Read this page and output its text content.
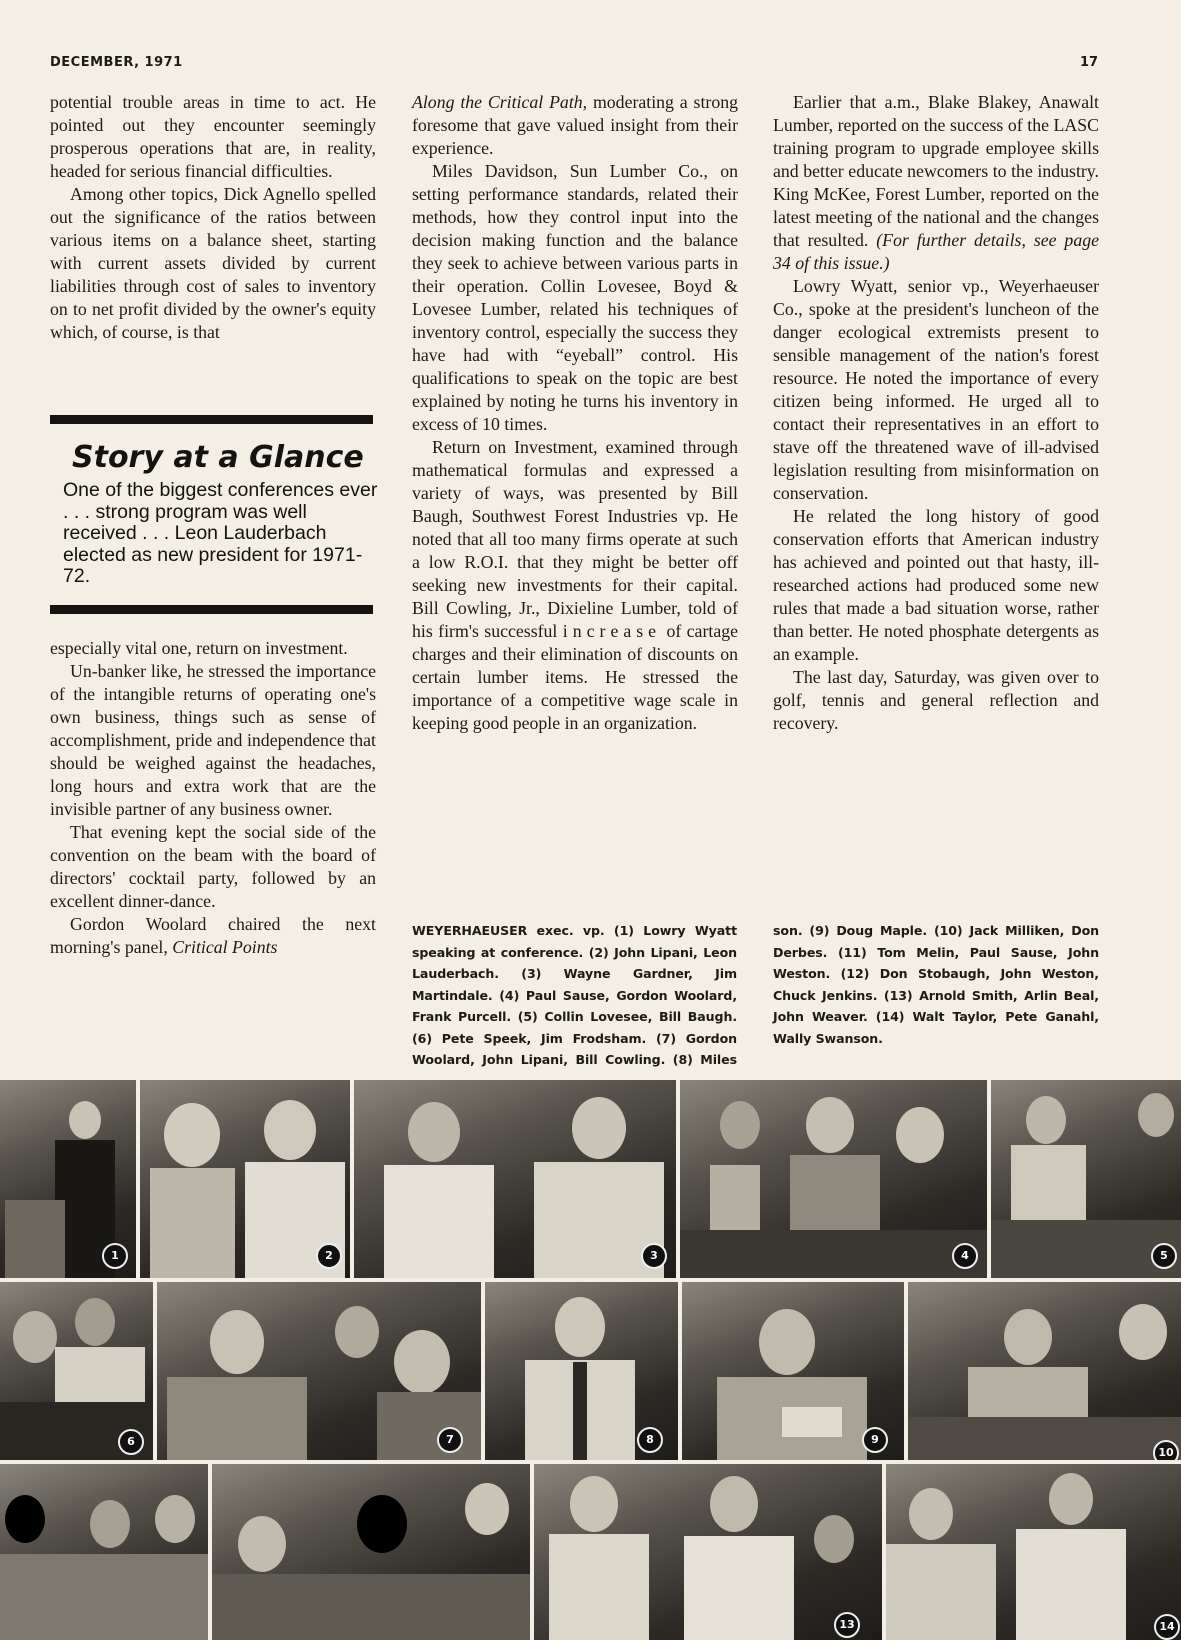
DECEMBER, 1971	17

potential trouble areas in time to act. He pointed out they encounter seemingly prosperous operations that are, in reality, headed for serious financial difficulties.

Among other topics, Dick Agnello spelled out the significance of the ratios between various items on a balance sheet, starting with current assets divided by current liabilities through cost of sales to inventory on to net profit divided by the owner's equity which, of course, is that

Story at a Glance
One of the biggest conferences ever . . . strong program was well received . . . Leon Lauderbach elected as new president for 1971-72.

especially vital one, return on investment.

Un-banker like, he stressed the importance of the intangible returns of operating one's own business, things such as sense of accomplishment, pride and independence that should be weighed against the headaches, long hours and extra work that are the invisible partner of any business owner.

That evening kept the social side of the convention on the beam with the board of directors' cocktail party, followed by an excellent dinner-dance.

Gordon Woolard chaired the next morning's panel, Critical Points

Along the Critical Path, moderating a strong foresome that gave valued insight from their experience.

Miles Davidson, Sun Lumber Co., on setting performance standards, related their methods, how they control input into the decision making function and the balance they seek to achieve between various parts in their operation. Collin Lovesee, Boyd & Lovesee Lumber, related his techniques of inventory control, especially the success they have had with “eyeball” control. His qualifications to speak on the topic are best explained by noting he turns his inventory in excess of 10 times.

Return on Investment, examined through mathematical formulas and expressed a variety of ways, was presented by Bill Baugh, Southwest Forest Industries vp. He noted that all too many firms operate at such a low R.O.I. that they might be better off seeking new investments for their capital. Bill Cowling, Jr., Dixieline Lumber, told of his firm's successful increase of cartage charges and their elimination of discounts on certain lumber items. He stressed the importance of a competitive wage scale in keeping good people in an organization.

Earlier that a.m., Blake Blakey, Anawalt Lumber, reported on the success of the LASC training program to upgrade employee skills and better educate newcomers to the industry. King McKee, Forest Lumber, reported on the latest meeting of the national and the changes that resulted. (For further details, see page 34 of this issue.)

Lowry Wyatt, senior vp., Weyerhaeuser Co., spoke at the president's luncheon of the danger ecological extremists present to sensible management of the nation's forest resource. He noted the importance of every citizen being informed. He urged all to contact their representatives in an effort to stave off the threatened wave of ill-advised legislation resulting from misinformation on conservation.

He related the long history of good conservation efforts that American industry has achieved and pointed out that hasty, ill-researched actions had produced some new rules that made a bad situation worse, rather than better. He noted phosphate detergents as an example.

The last day, Saturday, was given over to golf, tennis and general reflection and recovery.

WEYERHAEUSER exec. vp. (1) Lowry Wyatt speaking at conference. (2) John Lipani, Leon Lauderbach. (3) Wayne Gardner, Jim Martindale. (4) Paul Sause, Gordon Woolard, Frank Purcell. (5) Collin Lovesee, Bill Baugh. (6) Pete Speek, Jim Frodsham. (7) Gordon Woolard, John Lipani, Bill Cowling. (8) Miles
son. (9) Doug Maple. (10) Jack Milliken, Don Derbes. (11) Tom Melin, Paul Sause, John Weston. (12) Don Stobaugh, John Weston, Chuck Jenkins. (13) Arnold Smith, Arlin Beal, John Weaver. (14) Walt Taylor, Pete Ganahl, Wally Swanson.
1	2	3	4	5
6	7	8	9
10
13	14
